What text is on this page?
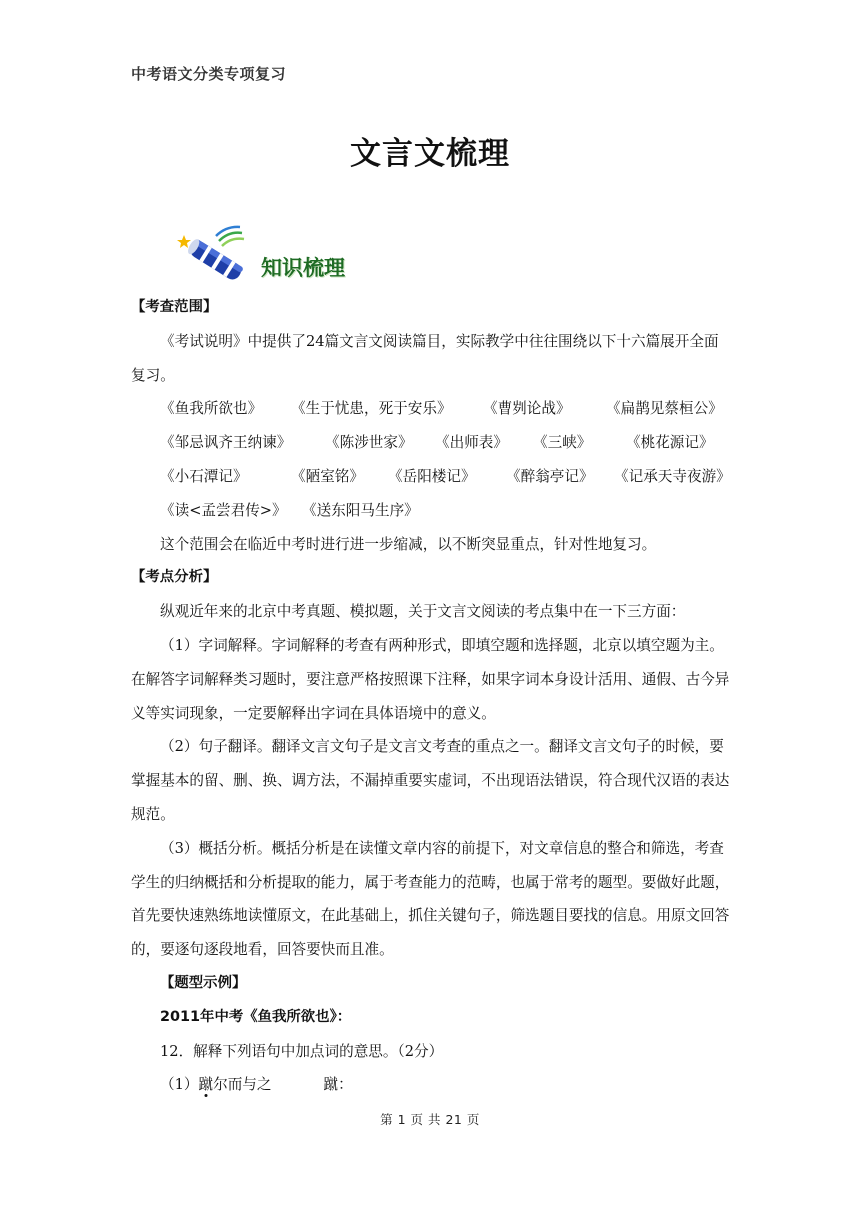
中考语文分类专项复习
文言文梳理
知识梳理

【考查范围】

《考试说明》中提供了24篇文言文阅读篇目，实际教学中往往围绕以下十六篇展开全面复习。

《鱼我所欲也》	《生于忧患，死于安乐》	《曹刿论战》	《扁鹊见蔡桓公》
《邹忌讽齐王纳谏》	《陈涉世家》	《出师表》	《三峡》	《桃花源记》
《小石潭记》	《陋室铭》	《岳阳楼记》	《醉翁亭记》	《记承天寺夜游》
《读<孟尝君传>》	《送东阳马生序》

这个范围会在临近中考时进行进一步缩减，以不断突显重点，针对性地复习。

【考点分析】

纵观近年来的北京中考真题、模拟题，关于文言文阅读的考点集中在一下三方面：

（1）字词解释。字词解释的考查有两种形式，即填空题和选择题，北京以填空题为主。在解答字词解释类习题时，要注意严格按照课下注释，如果字词本身设计活用、通假、古今异义等实词现象，一定要解释出字词在具体语境中的意义。

（2）句子翻译。翻译文言文句子是文言文考查的重点之一。翻译文言文句子的时候，要掌握基本的留、删、换、调方法，不漏掉重要实虚词，不出现语法错误，符合现代汉语的表达规范。

（3）概括分析。概括分析是在读懂文章内容的前提下，对文章信息的整合和筛选，考查学生的归纳概括和分析提取的能力，属于考查能力的范畴，也属于常考的题型。要做好此题，首先要快速熟练地读懂原文，在此基础上，抓住关键句子，筛选题目要找的信息。用原文回答的，要逐句逐段地看，回答要快而且准。

【题型示例】

2011年中考《鱼我所欲也》：

12．解释下列语句中加点词的意思。（2分）

（1）蹴尔而与之	蹴：

第 1 页 共 21 页
